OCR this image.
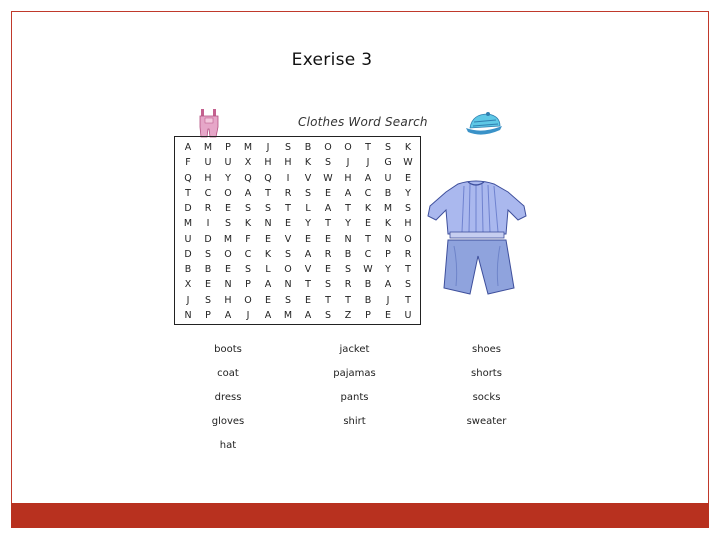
Exerise 3
Clothes Word Search
A	M	P	M	J	S	B	O	O	T	S	K
F	U	U	X	H	H	K	S	J	J	G	W
Q	H	Y	Q	Q	I	V	W	H	A	U	E
T	C	O	A	T	R	S	E	A	C	B	Y
D	R	E	S	S	T	L	A	T	K	M	S
M	I	S	K	N	E	Y	T	Y	E	K	H
U	D	M	F	E	V	E	E	N	T	N	O
D	S	O	C	K	S	A	R	B	C	P	R
B	B	E	S	L	O	V	E	S	W	Y	T
X	E	N	P	A	N	T	S	R	B	A	S
J	S	H	O	E	S	E	T	T	B	J	T
N	P	A	J	A	M	A	S	Z	P	E	U
boots	jacket	shoes
coat	pajamas	shorts
dress	pants	socks
gloves	shirt	sweater
hat
